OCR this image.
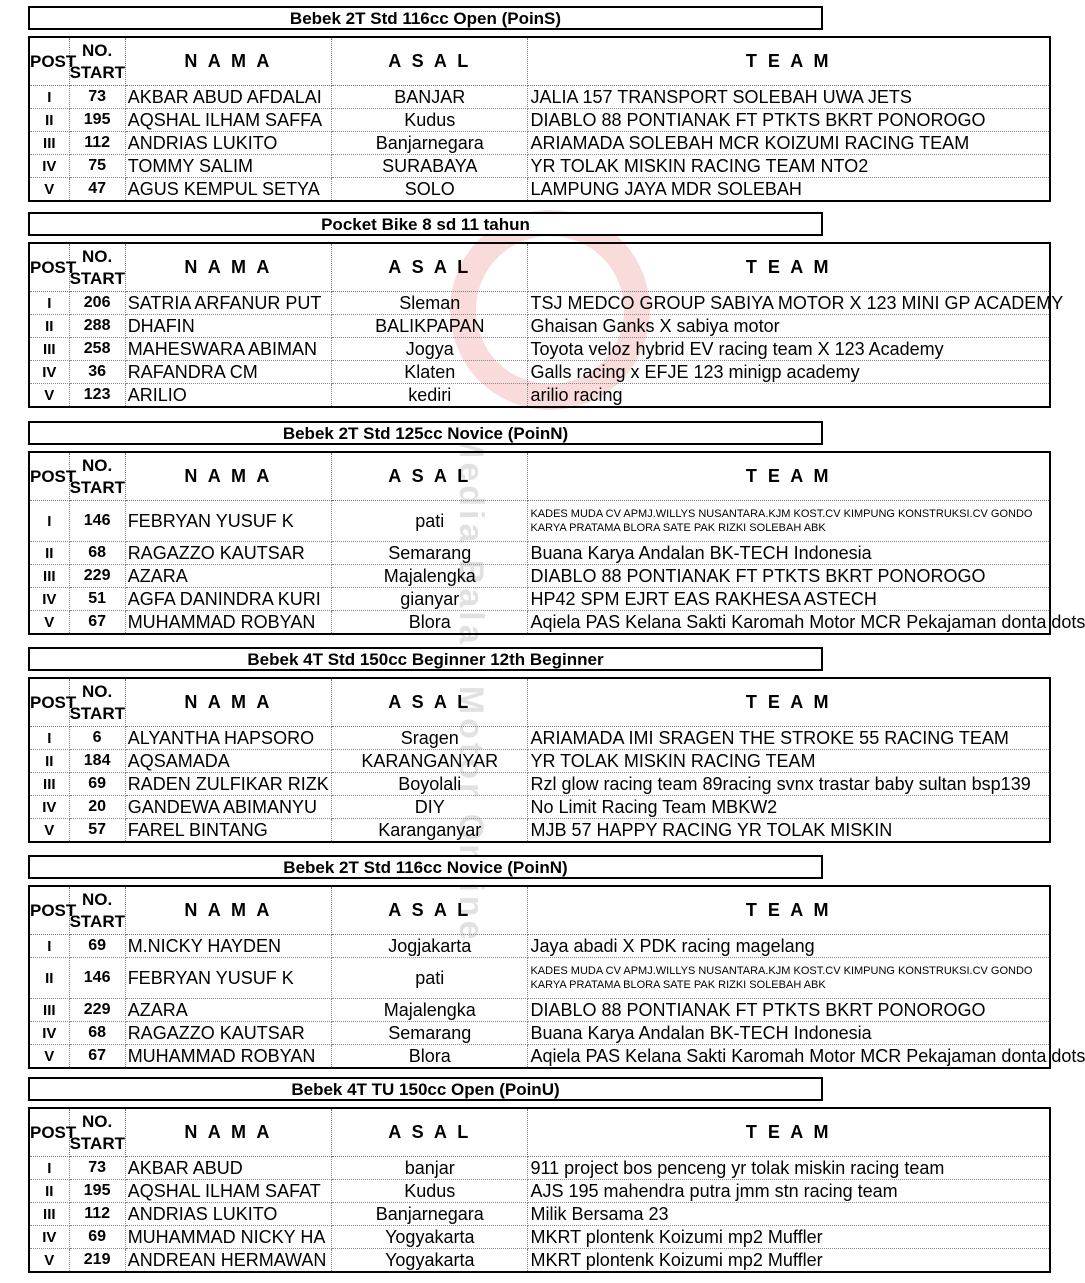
Media Balap Motor Online
Bebek 2T Std 116cc Open (PoinS)
POST	NO. START	N A M A	A S A L	T E A M
I	73	AKBAR ABUD AFDALAI	BANJAR	JALIA 157 TRANSPORT SOLEBAH UWA JETS
II	195	AQSHAL ILHAM SAFFA	Kudus	DIABLO 88 PONTIANAK FT PTKTS BKRT PONOROGO
III	112	ANDRIAS LUKITO	Banjarnegara	ARIAMADA SOLEBAH MCR KOIZUMI RACING TEAM
IV	75	TOMMY SALIM	SURABAYA	YR TOLAK MISKIN RACING TEAM NTO2
V	47	AGUS KEMPUL SETYA	SOLO	LAMPUNG JAYA MDR SOLEBAH
Pocket Bike 8 sd 11 tahun
POST	NO. START	N A M A	A S A L	T E A M
I	206	SATRIA ARFANUR PUT	Sleman	TSJ MEDCO GROUP SABIYA MOTOR X 123 MINI GP ACADEMY
II	288	DHAFIN	BALIKPAPAN	Ghaisan Ganks X sabiya motor
III	258	MAHESWARA ABIMAN	Jogya	Toyota veloz hybrid EV racing team X 123 Academy
IV	36	RAFANDRA CM	Klaten	Galls racing x EFJE 123 minigp academy
V	123	ARILIO	kediri	arilio racing
Bebek 2T Std 125cc Novice (PoinN)
POST	NO. START	N A M A	A S A L	T E A M
I	146	FEBRYAN YUSUF K	pati	KADES MUDA CV APMJ.WILLYS NUSANTARA.KJM KOST.CV KIMPUNG KONSTRUKSI.CV GONDO KARYA PRATAMA BLORA SATE PAK RIZKI SOLEBAH ABK
II	68	RAGAZZO KAUTSAR	Semarang	Buana Karya Andalan BK-TECH Indonesia
III	229	AZARA	Majalengka	DIABLO 88 PONTIANAK FT PTKTS BKRT PONOROGO
IV	51	AGFA DANINDRA KURI	gianyar	HP42 SPM EJRT EAS RAKHESA ASTECH
V	67	MUHAMMAD ROBYAN	Blora	Aqiela PAS Kelana Sakti Karomah Motor MCR Pekajaman donta dots
Bebek 4T Std 150cc Beginner 12th Beginner
POST	NO. START	N A M A	A S A L	T E A M
I	6	ALYANTHA HAPSORO	Sragen	ARIAMADA IMI SRAGEN THE STROKE 55 RACING TEAM
II	184	AQSAMADA	KARANGANYAR	YR TOLAK MISKIN RACING TEAM
III	69	RADEN ZULFIKAR RIZK	Boyolali	Rzl glow racing team 89racing svnx trastar baby sultan bsp139
IV	20	GANDEWA ABIMANYU	DIY	No Limit Racing Team MBKW2
V	57	FAREL BINTANG	Karanganyar	MJB 57 HAPPY RACING YR TOLAK MISKIN
Bebek 2T Std 116cc Novice (PoinN)
POST	NO. START	N A M A	A S A L	T E A M
I	69	M.NICKY HAYDEN	Jogjakarta	Jaya abadi X PDK racing magelang
II	146	FEBRYAN YUSUF K	pati	KADES MUDA CV APMJ.WILLYS NUSANTARA.KJM KOST.CV KIMPUNG KONSTRUKSI.CV GONDO KARYA PRATAMA BLORA SATE PAK RIZKI SOLEBAH ABK
III	229	AZARA	Majalengka	DIABLO 88 PONTIANAK FT PTKTS BKRT PONOROGO
IV	68	RAGAZZO KAUTSAR	Semarang	Buana Karya Andalan BK-TECH Indonesia
V	67	MUHAMMAD ROBYAN	Blora	Aqiela PAS Kelana Sakti Karomah Motor MCR Pekajaman donta dots
Bebek 4T TU 150cc Open (PoinU)
POST	NO. START	N A M A	A S A L	T E A M
I	73	AKBAR ABUD	banjar	911 project bos penceng yr tolak miskin racing team
II	195	AQSHAL ILHAM SAFAT	Kudus	AJS 195 mahendra putra jmm stn racing team
III	112	ANDRIAS LUKITO	Banjarnegara	Milik Bersama 23
IV	69	MUHAMMAD NICKY HA	Yogyakarta	MKRT plontenk Koizumi mp2 Muffler
V	219	ANDREAN HERMAWAN	Yogyakarta	MKRT plontenk Koizumi mp2 Muffler
